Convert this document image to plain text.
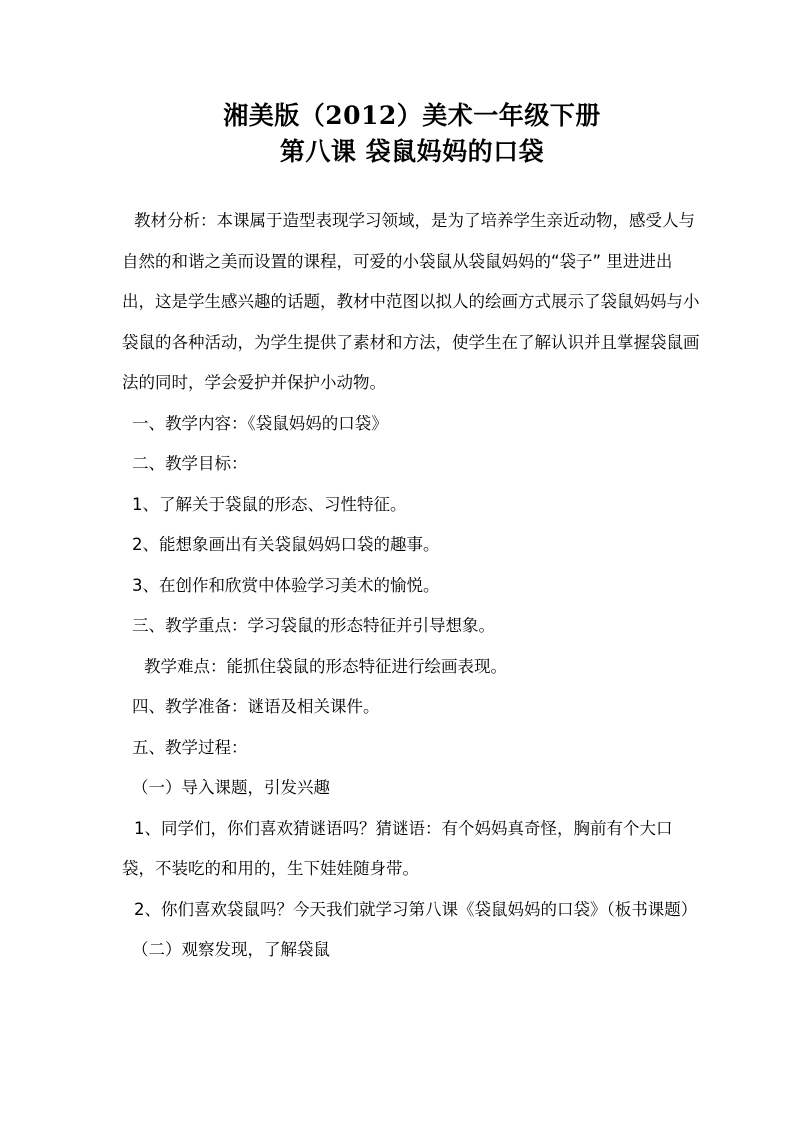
湘美版（2012）美术一年级下册
第八课 袋鼠妈妈的口袋

教材分析：本课属于造型表现学习领域，是为了培养学生亲近动物，感受人与自然的和谐之美而设置的课程，可爱的小袋鼠从袋鼠妈妈的“袋子” 里进进出出，这是学生感兴趣的话题，教材中范图以拟人的绘画方式展示了袋鼠妈妈与小袋鼠的各种活动，为学生提供了素材和方法，使学生在了解认识并且掌握袋鼠画法的同时，学会爱护并保护小动物。

一、教学内容：《袋鼠妈妈的口袋》

二、教学目标：

1、了解关于袋鼠的形态、习性特征。

2、能想象画出有关袋鼠妈妈口袋的趣事。

3、在创作和欣赏中体验学习美术的愉悦。

三、教学重点：学习袋鼠的形态特征并引导想象。

教学难点：能抓住袋鼠的形态特征进行绘画表现。

四、教学准备：谜语及相关课件。

五、教学过程：

（一）导入课题，引发兴趣

1、同学们，你们喜欢猜谜语吗？猜谜语：有个妈妈真奇怪，胸前有个大口袋，不装吃的和用的，生下娃娃随身带。

2、你们喜欢袋鼠吗？今天我们就学习第八课《袋鼠妈妈的口袋》（板书课题）

（二）观察发现，了解袋鼠
